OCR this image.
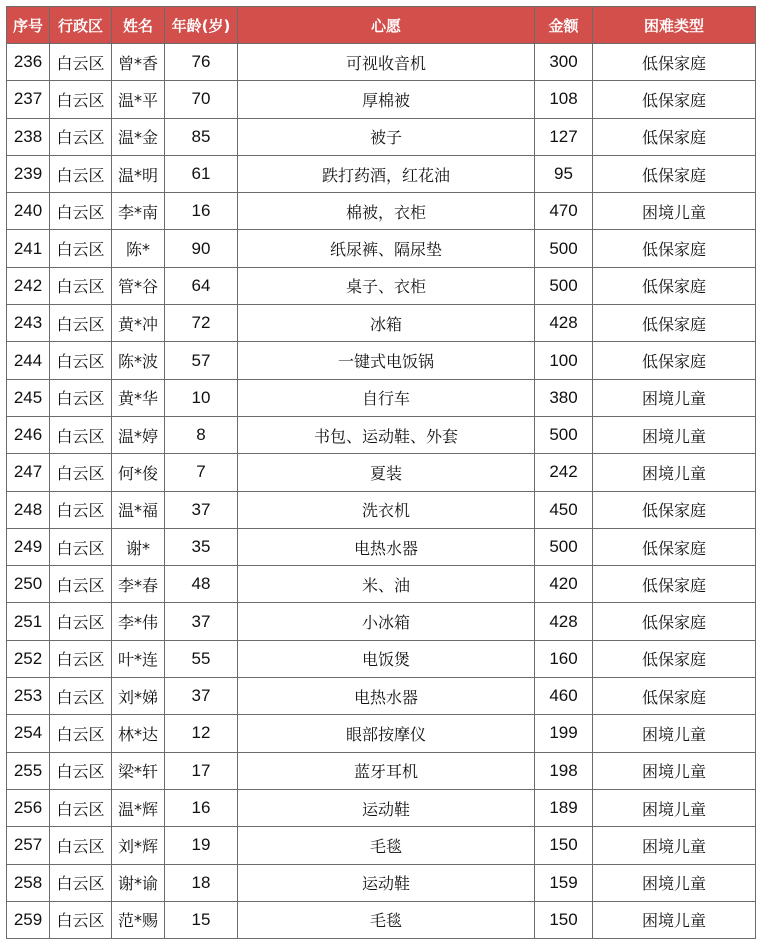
序号	行政区	姓名	年龄(岁)	心愿	金额	困难类型
236	白云区	曾*香	76	可视收音机	300	低保家庭
237	白云区	温*平	70	厚棉被	108	低保家庭
238	白云区	温*金	85	被子	127	低保家庭
239	白云区	温*明	61	跌打药酒，红花油	95	低保家庭
240	白云区	李*南	16	棉被，衣柜	470	困境儿童
241	白云区	陈*	90	纸尿裤、隔尿垫	500	低保家庭
242	白云区	管*谷	64	桌子、衣柜	500	低保家庭
243	白云区	黄*冲	72	冰箱	428	低保家庭
244	白云区	陈*波	57	一键式电饭锅	100	低保家庭
245	白云区	黄*华	10	自行车	380	困境儿童
246	白云区	温*婷	8	书包、运动鞋、外套	500	困境儿童
247	白云区	何*俊	7	夏装	242	困境儿童
248	白云区	温*福	37	洗衣机	450	低保家庭
249	白云区	谢*	35	电热水器	500	低保家庭
250	白云区	李*春	48	米、油	420	低保家庭
251	白云区	李*伟	37	小冰箱	428	低保家庭
252	白云区	叶*连	55	电饭煲	160	低保家庭
253	白云区	刘*娣	37	电热水器	460	低保家庭
254	白云区	林*达	12	眼部按摩仪	199	困境儿童
255	白云区	梁*轩	17	蓝牙耳机	198	困境儿童
256	白云区	温*辉	16	运动鞋	189	困境儿童
257	白云区	刘*辉	19	毛毯	150	困境儿童
258	白云区	谢*谕	18	运动鞋	159	困境儿童
259	白云区	范*赐	15	毛毯	150	困境儿童
